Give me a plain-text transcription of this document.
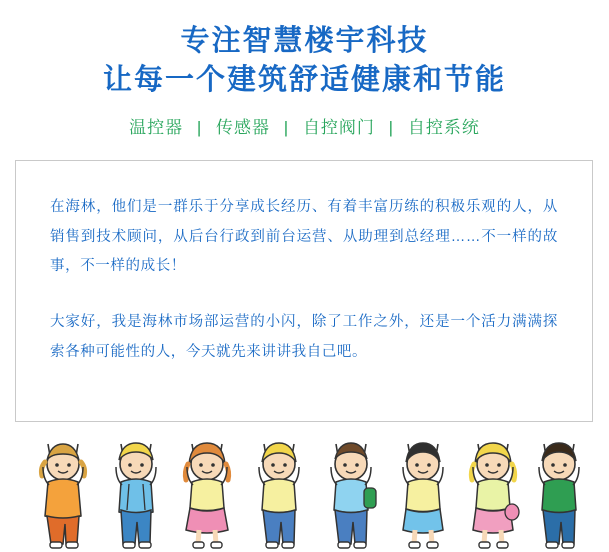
专注智慧楼宇科技
让每一个建筑舒适健康和节能
温控器 | 传感器 | 自控阀门 | 自控系统

在海林，他们是一群乐于分享成长经历、有着丰富历练的积极乐观的人，从销售到技术顾问，从后台行政到前台运营、从助理到总经理……不一样的故事，不一样的成长！

大家好，我是海林市场部运营的小闪，除了工作之外，还是一个活力满满探索各种可能性的人，今天就先来讲讲我自己吧。
